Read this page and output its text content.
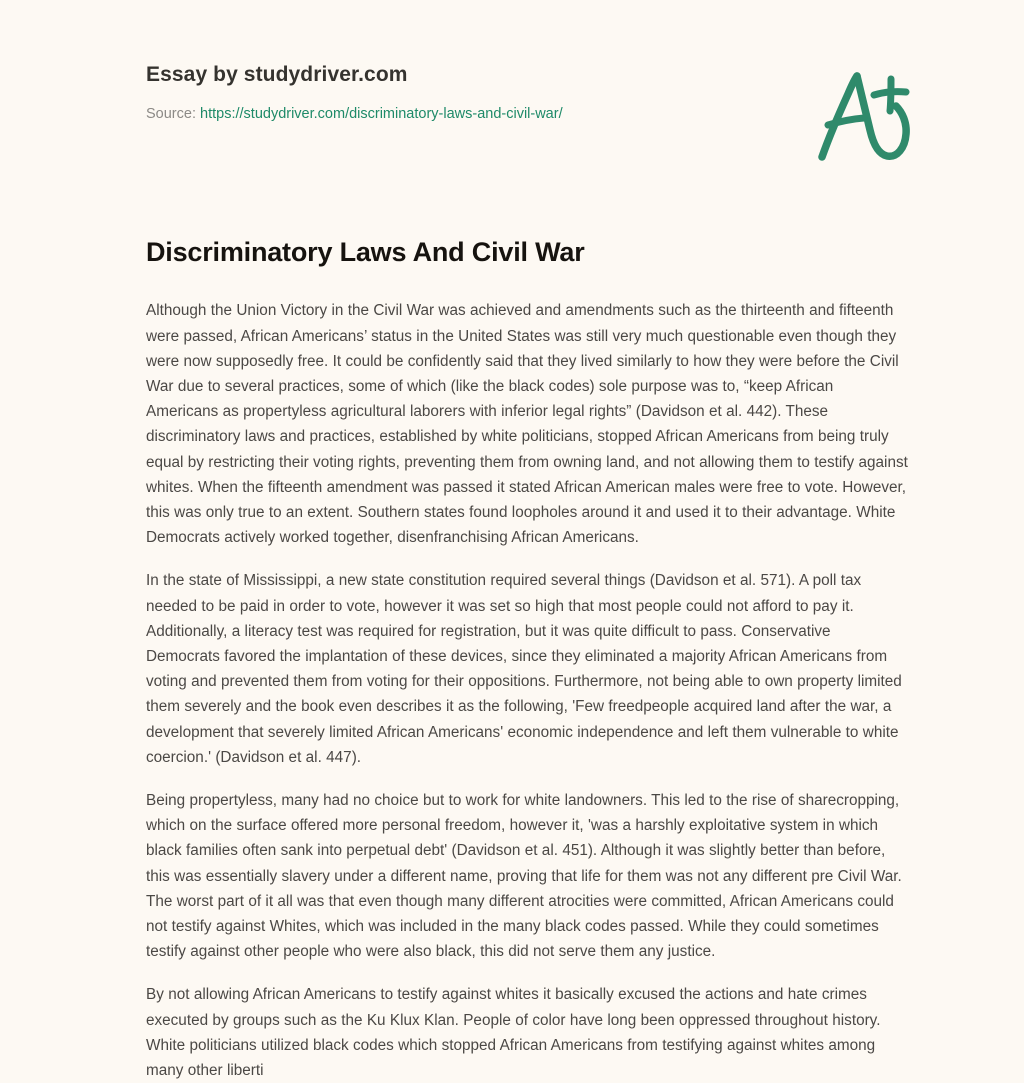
Essay by studydriver.com
Source: https://studydriver.com/discriminatory-laws-and-civil-war/
Discriminatory Laws And Civil War

Although the Union Victory in the Civil War was achieved and amendments such as the thirteenth and fifteenth were passed, African Americans’ status in the United States was still very much questionable even though they were now supposedly free. It could be confidently said that they lived similarly to how they were before the Civil War due to several practices, some of which (like the black codes) sole purpose was to, “keep African Americans as propertyless agricultural laborers with inferior legal rights” (Davidson et al. 442). These discriminatory laws and practices, established by white politicians, stopped African Americans from being truly equal by restricting their voting rights, preventing them from owning land, and not allowing them to testify against whites. When the fifteenth amendment was passed it stated African American males were free to vote. However, this was only true to an extent. Southern states found loopholes around it and used it to their advantage. White Democrats actively worked together, disenfranchising African Americans.

In the state of Mississippi, a new state constitution required several things (Davidson et al. 571). A poll tax needed to be paid in order to vote, however it was set so high that most people could not afford to pay it. Additionally, a literacy test was required for registration, but it was quite difficult to pass. Conservative Democrats favored the implantation of these devices, since they eliminated a majority African Americans from voting and prevented them from voting for their oppositions. Furthermore, not being able to own property limited them severely and the book even describes it as the following, 'Few freedpeople acquired land after the war, a development that severely limited African Americans' economic independence and left them vulnerable to white coercion.' (Davidson et al. 447).

Being propertyless, many had no choice but to work for white landowners. This led to the rise of sharecropping, which on the surface offered more personal freedom, however it, 'was a harshly exploitative system in which black families often sank into perpetual debt' (Davidson et al. 451). Although it was slightly better than before, this was essentially slavery under a different name, proving that life for them was not any different pre Civil War. The worst part of it all was that even though many different atrocities were committed, African Americans could not testify against Whites, which was included in the many black codes passed. While they could sometimes testify against other people who were also black, this did not serve them any justice.

By not allowing African Americans to testify against whites it basically excused the actions and hate crimes executed by groups such as the Ku Klux Klan. People of color have long been oppressed throughout history. White politicians utilized black codes which stopped African Americans from testifying against whites among many other liberti
